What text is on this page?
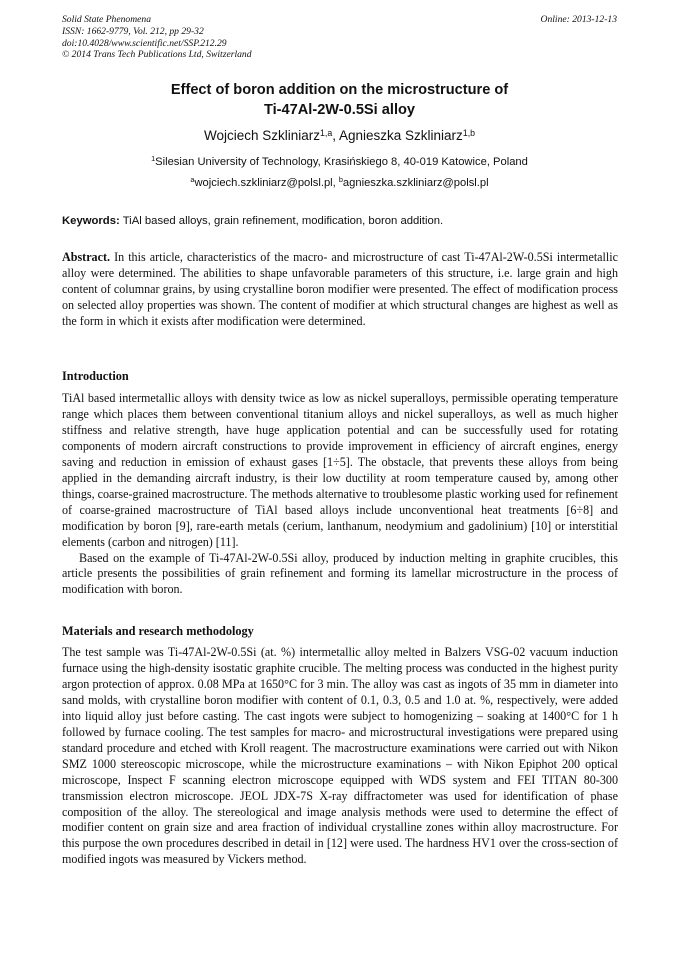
Solid State Phenomena
ISSN: 1662-9779, Vol. 212, pp 29-32
doi:10.4028/www.scientific.net/SSP.212.29
© 2014 Trans Tech Publications Ltd, Switzerland
Online: 2013-12-13
Effect of boron addition on the microstructure of
Ti-47Al-2W-0.5Si alloy
Wojciech Szkliniarz$^{1,a}$, Agnieszka Szkliniarz$^{1,b}$
$^1$Silesian University of Technology, Krasińskiego 8, 40-019 Katowice, Poland
$^a$wojciech.szkliniarz@polsl.pl, $^b$agnieszka.szkliniarz@polsl.pl
Keywords: TiAl based alloys, grain refinement, modification, boron addition.
Abstract. In this article, characteristics of the macro- and microstructure of cast Ti-47Al-2W-0.5Si intermetallic alloy were determined. The abilities to shape unfavorable parameters of this structure, i.e. large grain and high content of columnar grains, by using crystalline boron modifier were presented. The effect of modification process on selected alloy properties was shown. The content of modifier at which structural changes are highest as well as the form in which it exists after modification were determined.
Introduction

TiAl based intermetallic alloys with density twice as low as nickel superalloys, permissible operating temperature range which places them between conventional titanium alloys and nickel superalloys, as well as much higher stiffness and relative strength, have huge application potential and can be successfully used for rotating components of modern aircraft constructions to provide improvement in efficiency of aircraft engines, energy saving and reduction in emission of exhaust gases [1÷5]. The obstacle, that prevents these alloys from being applied in the demanding aircraft industry, is their low ductility at room temperature caused by, among other things, coarse-grained macrostructure. The methods alternative to troublesome plastic working used for refinement of coarse-grained macrostructure of TiAl based alloys include unconventional heat treatments [6÷8] and modification by boron [9], rare-earth metals (cerium, lanthanum, neodymium and gadolinium) [10] or interstitial elements (carbon and nitrogen) [11].

Based on the example of Ti-47Al-2W-0.5Si alloy, produced by induction melting in graphite crucibles, this article presents the possibilities of grain refinement and forming its lamellar microstructure in the process of modification with boron.

Materials and research methodology

The test sample was Ti-47Al-2W-0.5Si (at. %) intermetallic alloy melted in Balzers VSG-02 vacuum induction furnace using the high-density isostatic graphite crucible. The melting process was conducted in the highest purity argon protection of approx. 0.08 MPa at 1650°C for 3 min. The alloy was cast as ingots of 35 mm in diameter into sand molds, with crystalline boron modifier with content of 0.1, 0.3, 0.5 and 1.0 at. %, respectively, were added into liquid alloy just before casting. The cast ingots were subject to homogenizing – soaking at 1400°C for 1 h followed by furnace cooling. The test samples for macro- and microstructural investigations were prepared using standard procedure and etched with Kroll reagent. The macrostructure examinations were carried out with Nikon SMZ 1000 stereoscopic microscope, while the microstructure examinations – with Nikon Epiphot 200 optical microscope, Inspect F scanning electron microscope equipped with WDS system and FEI TITAN 80-300 transmission electron microscope. JEOL JDX-7S X-ray diffractometer was used for identification of phase composition of the alloy. The stereological and image analysis methods were used to determine the effect of modifier content on grain size and area fraction of individual crystalline zones within alloy macrostructure. For this purpose the own procedures described in detail in [12] were used. The hardness HV1 over the cross-section of modified ingots was measured by Vickers method.
